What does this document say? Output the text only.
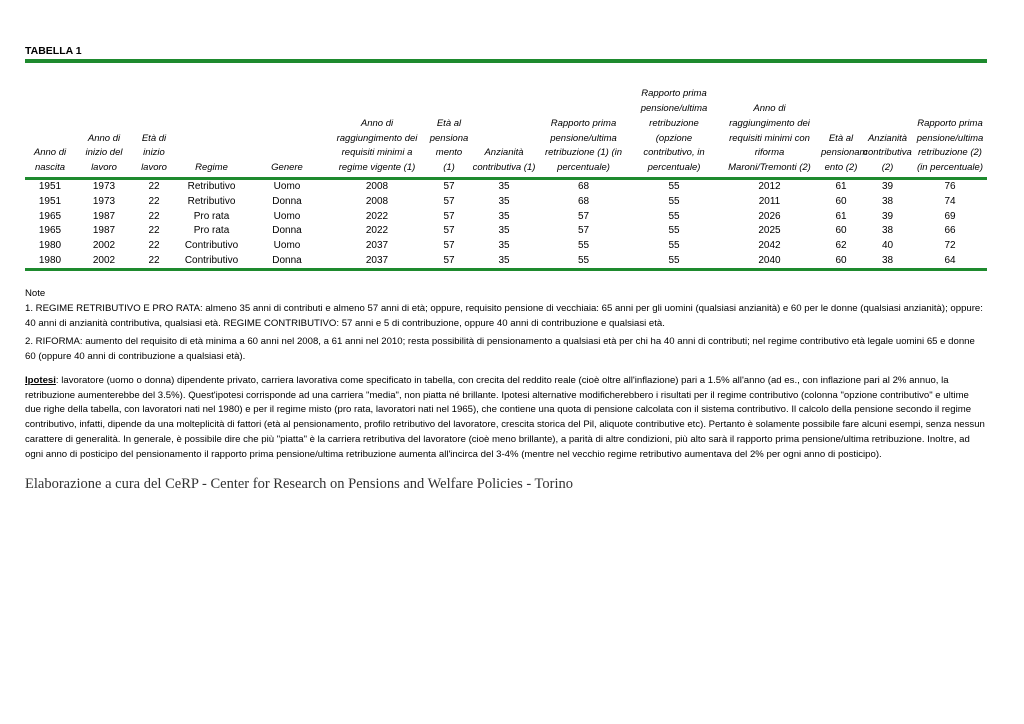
TABELLA 1
Anno di nascita	Anno di inizio del lavoro	Età di inizio lavoro	Regime	Genere	Anno di raggiungimento dei requisiti minimi a regime vigente (1)	Età al pensiona mento (1)	Anzianità contributiva (1)	Rapporto prima pensione/ultima retribuzione (1) (in percentuale)	Rapporto prima pensione/ultima retribuzione (opzione contributivo, in percentuale)	Anno di raggiungimento dei requisiti minimi con riforma Maroni/Tremonti (2)	Età al pensionam ento (2)	Anzianità contributiva (2)	Rapporto prima pensione/ultima retribuzione (2) (in percentuale)
1951	1973	22	Retributivo	Uomo	2008	57	35	68	55	2012	61	39	76
1951	1973	22	Retributivo	Donna	2008	57	35	68	55	2011	60	38	74
1965	1987	22	Pro rata	Uomo	2022	57	35	57	55	2026	61	39	69
1965	1987	22	Pro rata	Donna	2022	57	35	57	55	2025	60	38	66
1980	2002	22	Contributivo	Uomo	2037	57	35	55	55	2042	62	40	72
1980	2002	22	Contributivo	Donna	2037	57	35	55	55	2040	60	38	64
Note
1. REGIME RETRIBUTIVO E PRO RATA: almeno 35 anni di contributi e almeno 57 anni di età; oppure, requisito pensione di vecchiaia: 65 anni per gli uomini (qualsiasi anzianità) e 60 per le donne (qualsiasi anzianità); oppure: 40 anni di anzianità contributiva, qualsiasi età. REGIME CONTRIBUTIVO: 57 anni e 5 di contribuzione, oppure 40 anni di contribuzione e qualsiasi età.
2. RIFORMA: aumento del requisito di età minima a 60 anni nel 2008, a 61 anni nel 2010; resta possibilità di pensionamento a qualsiasi età per chi ha 40 anni di contributi; nel regime contributivo età legale uomini 65 e donne 60 (oppure 40 anni di contribuzione a qualsiasi età).
Ipotesi: lavoratore (uomo o donna) dipendente privato, carriera lavorativa come specificato in tabella, con crecita del reddito reale (cioè oltre all'inflazione) pari a 1.5% all'anno (ad es., con inflazione pari al 2% annuo, la retribuzione aumenterebbe del 3.5%). Quest'ipotesi corrisponde ad una carriera "media", non piatta né brillante. Ipotesi alternative modificherebbero i risultati per il regime contributivo (colonna "opzione contributivo" e ultime due righe della tabella, con lavoratori nati nel 1980) e per il regime misto (pro rata, lavoratori nati nel 1965), che contiene una quota di pensione calcolata con il sistema contributivo. Il calcolo della pensione secondo il regime contributivo, infatti, dipende da una molteplicità di fattori (età al pensionamento, profilo retributivo del lavoratore, crescita storica del Pil, aliquote contributive etc). Pertanto è solamente possibile fare alcuni esempi, senza nessun carattere di generalità. In generale, è possibile dire che più "piatta" è la carriera retributiva del lavoratore (cioè meno brillante), a parità di altre condizioni, più alto sarà il rapporto prima pensione/ultima retribuzione. Inoltre, ad ogni anno di posticipo del pensionamento il rapporto prima pensione/ultima retribuzione aumenta all'incirca del 3-4% (mentre nel vecchio regime retributivo aumentava del 2% per ogni anno di posticipo).
Elaborazione a cura del CeRP - Center for Research on Pensions and Welfare Policies - Torino
